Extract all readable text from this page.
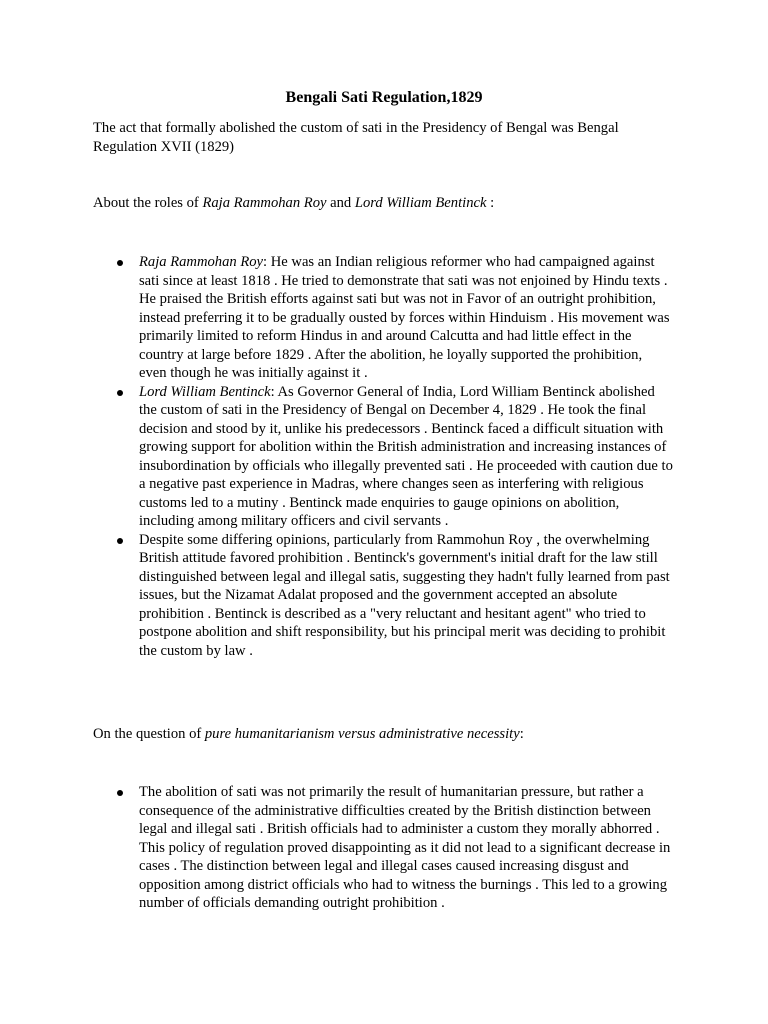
Bengali Sati Regulation,1829
The act that formally abolished the custom of sati in the Presidency of Bengal was Bengal Regulation XVII (1829)
About the roles of Raja Rammohan Roy and Lord William Bentinck :
Raja Rammohan Roy: He was an Indian religious reformer who had campaigned against sati since at least 1818 . He tried to demonstrate that sati was not enjoined by Hindu texts . He praised the British efforts against sati but was not in Favor of an outright prohibition, instead preferring it to be gradually ousted by forces within Hinduism . His movement was primarily limited to reform Hindus in and around Calcutta and had little effect in the country at large before 1829 . After the abolition, he loyally supported the prohibition, even though he was initially against it .
Lord William Bentinck: As Governor General of India, Lord William Bentinck abolished the custom of sati in the Presidency of Bengal on December 4, 1829 . He took the final decision and stood by it, unlike his predecessors . Bentinck faced a difficult situation with growing support for abolition within the British administration and increasing instances of insubordination by officials who illegally prevented sati . He proceeded with caution due to a negative past experience in Madras, where changes seen as interfering with religious customs led to a mutiny . Bentinck made enquiries to gauge opinions on abolition, including among military officers and civil servants .
Despite some differing opinions, particularly from Rammohun Roy , the overwhelming British attitude favored prohibition . Bentinck's government's initial draft for the law still distinguished between legal and illegal satis, suggesting they hadn't fully learned from past issues, but the Nizamat Adalat proposed and the government accepted an absolute prohibition . Bentinck is described as a "very reluctant and hesitant agent" who tried to postpone abolition and shift responsibility, but his principal merit was deciding to prohibit the custom by law .
On the question of pure humanitarianism versus administrative necessity:
The abolition of sati was not primarily the result of humanitarian pressure, but rather a consequence of the administrative difficulties created by the British distinction between legal and illegal sati . British officials had to administer a custom they morally abhorred . This policy of regulation proved disappointing as it did not lead to a significant decrease in cases . The distinction between legal and illegal cases caused increasing disgust and opposition among district officials who had to witness the burnings . This led to a growing number of officials demanding outright prohibition .
